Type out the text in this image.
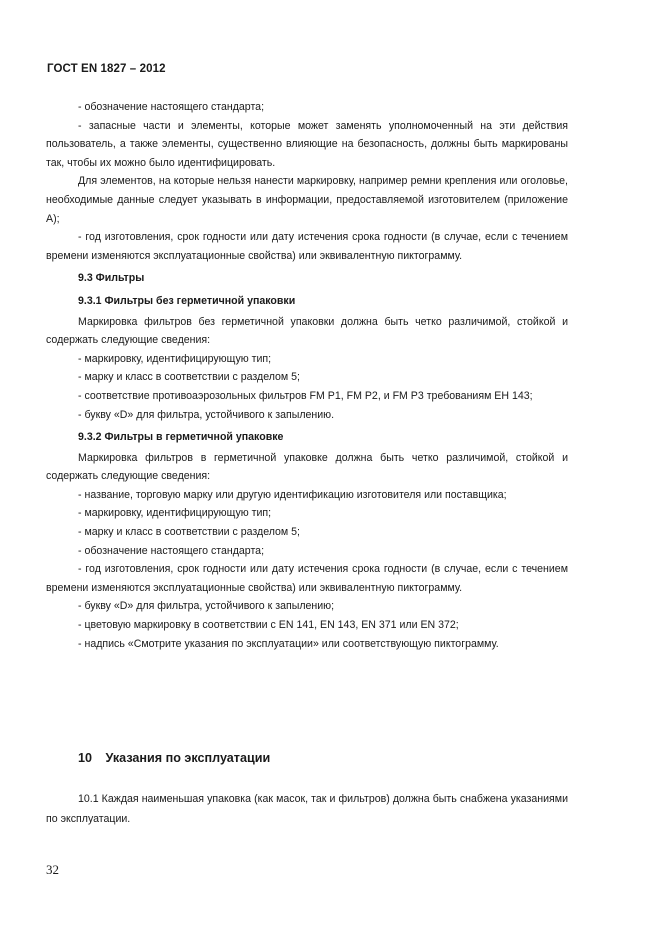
ГОСТ EN 1827 – 2012

- обозначение настоящего стандарта;

- запасные части и элементы, которые может заменять уполномоченный на эти действия пользователь, а также элементы, существенно влияющие на безопасность, должны быть маркированы так, чтобы их можно было идентифицировать.

Для элементов, на которые нельзя нанести маркировку, например ремни крепления или оголовье, необходимые данные следует указывать в информации, предоставляемой изготовителем (приложение А);

- год изготовления, срок годности или дату истечения срока годности (в случае, если с течением времени изменяются эксплуатационные свойства) или эквивалентную пиктограмму.

9.3 Фильтры

9.3.1 Фильтры без герметичной упаковки

Маркировка фильтров без герметичной упаковки должна быть четко различимой, стойкой и содержать следующие сведения:

- маркировку, идентифицирующую тип;

- марку и класс в соответствии с разделом 5;

- соответствие противоаэрозольных фильтров FM P1, FM P2, и FM P3 требованиям ЕН 143;

- букву «D» для фильтра, устойчивого к запылению.

9.3.2 Фильтры в герметичной упаковке

Маркировка фильтров в герметичной упаковке должна быть четко различимой, стойкой и содержать следующие сведения:

- название, торговую марку или другую идентификацию изготовителя или поставщика;

- маркировку, идентифицирующую тип;

- марку и класс в соответствии с разделом 5;

- обозначение настоящего стандарта;

- год изготовления, срок годности или дату истечения срока годности (в случае, если с течением времени изменяются эксплуатационные свойства) или эквивалентную пиктограмму.

- букву «D» для фильтра, устойчивого к запылению;

- цветовую маркировку в соответствии с EN 141, EN 143, EN 371 или EN 372;

- надпись «Смотрите указания по эксплуатации» или соответствующую пиктограмму.

10 Указания по эксплуатации

10.1 Каждая наименьшая упаковка (как масок, так и фильтров) должна быть снабжена указаниями по эксплуатации.

32
